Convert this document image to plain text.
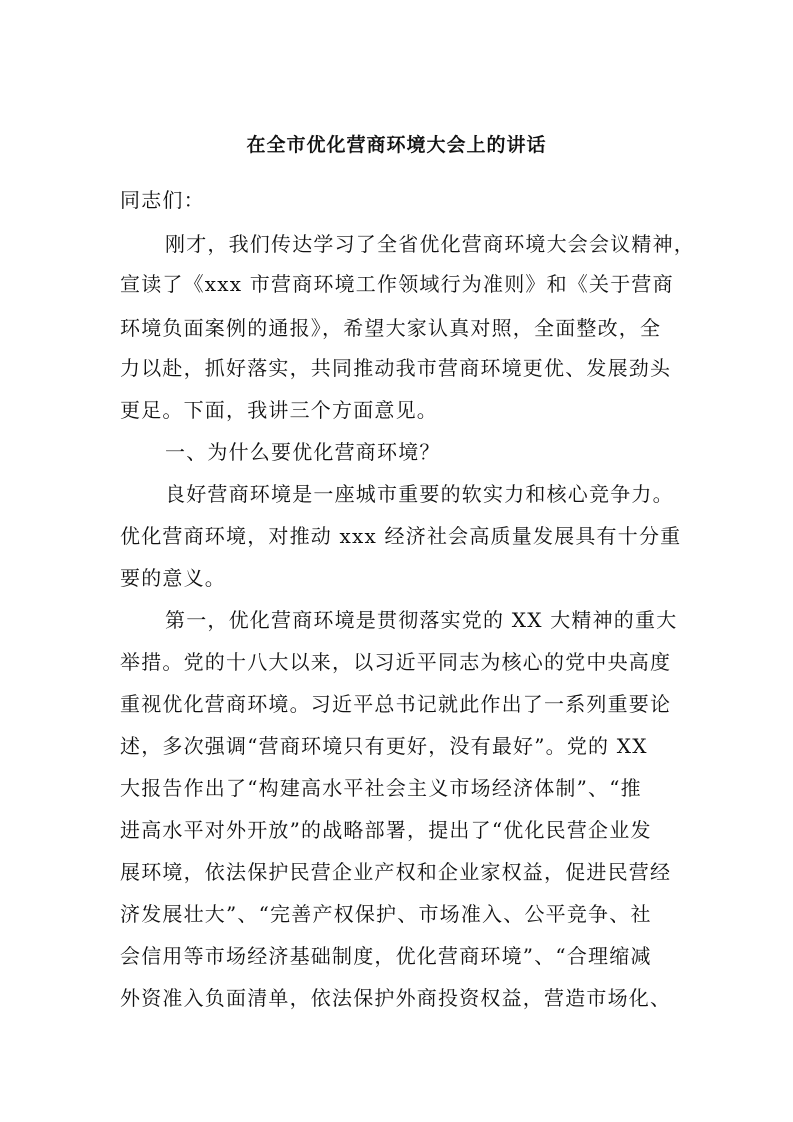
在全市优化营商环境大会上的讲话
同志们：
刚才，我们传达学习了全省优化营商环境大会会议精神，
宣读了《xxx 市营商环境工作领域行为准则》和《关于营商
环境负面案例的通报》，希望大家认真对照，全面整改，全
力以赴，抓好落实，共同推动我市营商环境更优、发展劲头
更足。下面，我讲三个方面意见。
一、为什么要优化营商环境？
良好营商环境是一座城市重要的软实力和核心竞争力。
优化营商环境，对推动 xxx 经济社会高质量发展具有十分重
要的意义。
第一，优化营商环境是贯彻落实党的 XX 大精神的重大
举措。党的十八大以来，以习近平同志为核心的党中央高度
重视优化营商环境。习近平总书记就此作出了一系列重要论
述，多次强调“营商环境只有更好，没有最好”。党的 XX
大报告作出了“构建高水平社会主义市场经济体制”、“推
进高水平对外开放”的战略部署，提出了“优化民营企业发
展环境，依法保护民营企业产权和企业家权益，促进民营经
济发展壮大”、“完善产权保护、市场准入、公平竞争、社
会信用等市场经济基础制度，优化营商环境”、“合理缩减
外资准入负面清单，依法保护外商投资权益，营造市场化、
